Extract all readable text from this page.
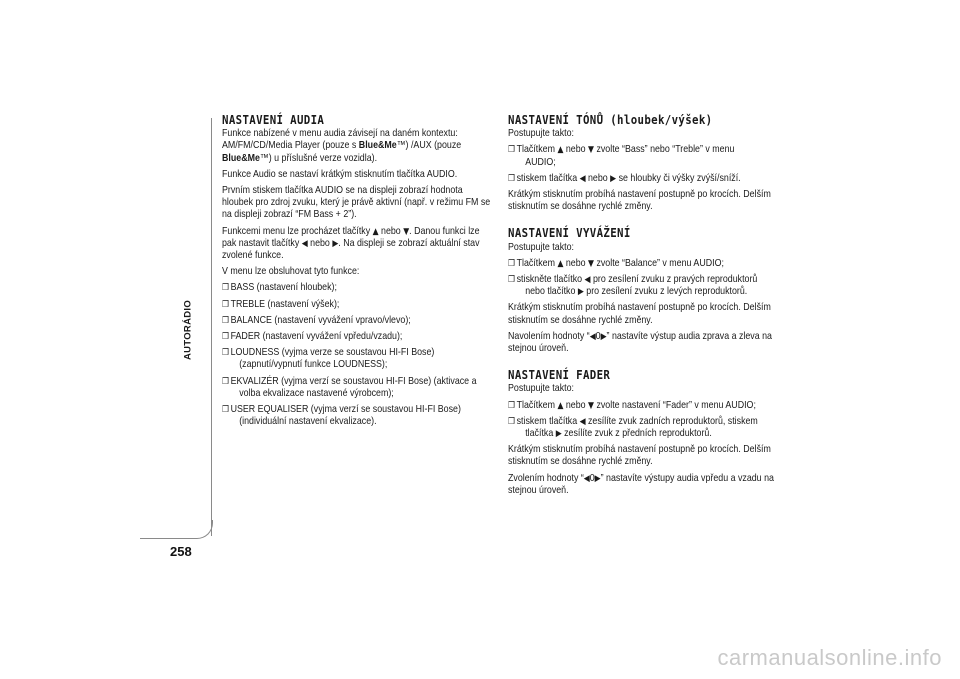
AUTORÁDIO
258
NASTAVENÍ AUDIA

Funkce nabízené v menu audia závisejí na daném kontextu: AM/FM/CD/Media Player (pouze s Blue&Me™) /AUX (pouze Blue&Me™) u příslušné verze vozidla).

Funkce Audio se nastaví krátkým stisknutím tlačítka AUDIO.

Prvním stiskem tlačítka AUDIO se na displeji zobrazí hodnota hloubek pro zdroj zvuku, který je právě aktivní (např. v režimu FM se na displeji zobrazí “FM Bass + 2”).

Funkcemi menu lze procházet tlačítky ▲ nebo ▼. Danou funkci lze pak nastavit tlačítky ◀ nebo ▶. Na displeji se zobrazí aktuální stav zvolené funkce.

V menu lze obsluhovat tyto funkce:

❒ BASS (nastavení hloubek);
❒ TREBLE (nastavení výšek);
❒ BALANCE (nastavení vyvážení vpravo/vlevo);
❒ FADER (nastavení vyvážení vpředu/vzadu);
❒ LOUDNESS (vyjma verze se soustavou HI-FI Bose)
(zapnutí/vypnutí funkce LOUDNESS);
❒ EKVALIZÉR (vyjma verzí se soustavou HI-FI Bose) (aktivace a
volba ekvalizace nastavené výrobcem);
❒ USER EQUALISER (vyjma verzí se soustavou HI-FI Bose)
(individuální nastavení ekvalizace).
NASTAVENÍ TÓNŮ (hloubek/výšek)

Postupujte takto:

❒ Tlačítkem ▲ nebo ▼ zvolte “Bass” nebo “Treble” v menu
AUDIO;
❒ stiskem tlačítka ◀ nebo ▶ se hloubky či výšky zvýší/sníží.

Krátkým stisknutím probíhá nastavení postupně po krocích. Delším stisknutím se dosáhne rychlé změny.

NASTAVENÍ VYVÁŽENÍ

Postupujte takto:

❒ Tlačítkem ▲ nebo ▼ zvolte “Balance” v menu AUDIO;
❒ stiskněte tlačítko ◀ pro zesílení zvuku z pravých reproduktorů
nebo tlačítko ▶ pro zesílení zvuku z levých reproduktorů.

Krátkým stisknutím probíhá nastavení postupně po krocích. Delším stisknutím se dosáhne rychlé změny.

Navolením hodnoty “◀0▶” nastavíte výstup audia zprava a zleva na stejnou úroveň.

NASTAVENÍ FADER

Postupujte takto:

❒ Tlačítkem ▲ nebo ▼ zvolte nastavení “Fader” v menu AUDIO;
❒ stiskem tlačítka ◀ zesílíte zvuk zadních reproduktorů, stiskem
tlačítka ▶ zesílíte zvuk z předních reproduktorů.

Krátkým stisknutím probíhá nastavení postupně po krocích. Delším stisknutím se dosáhne rychlé změny.

Zvolením hodnoty “◀0▶” nastavíte výstupy audia vpředu a vzadu na stejnou úroveň.

carmanualsonline.info
